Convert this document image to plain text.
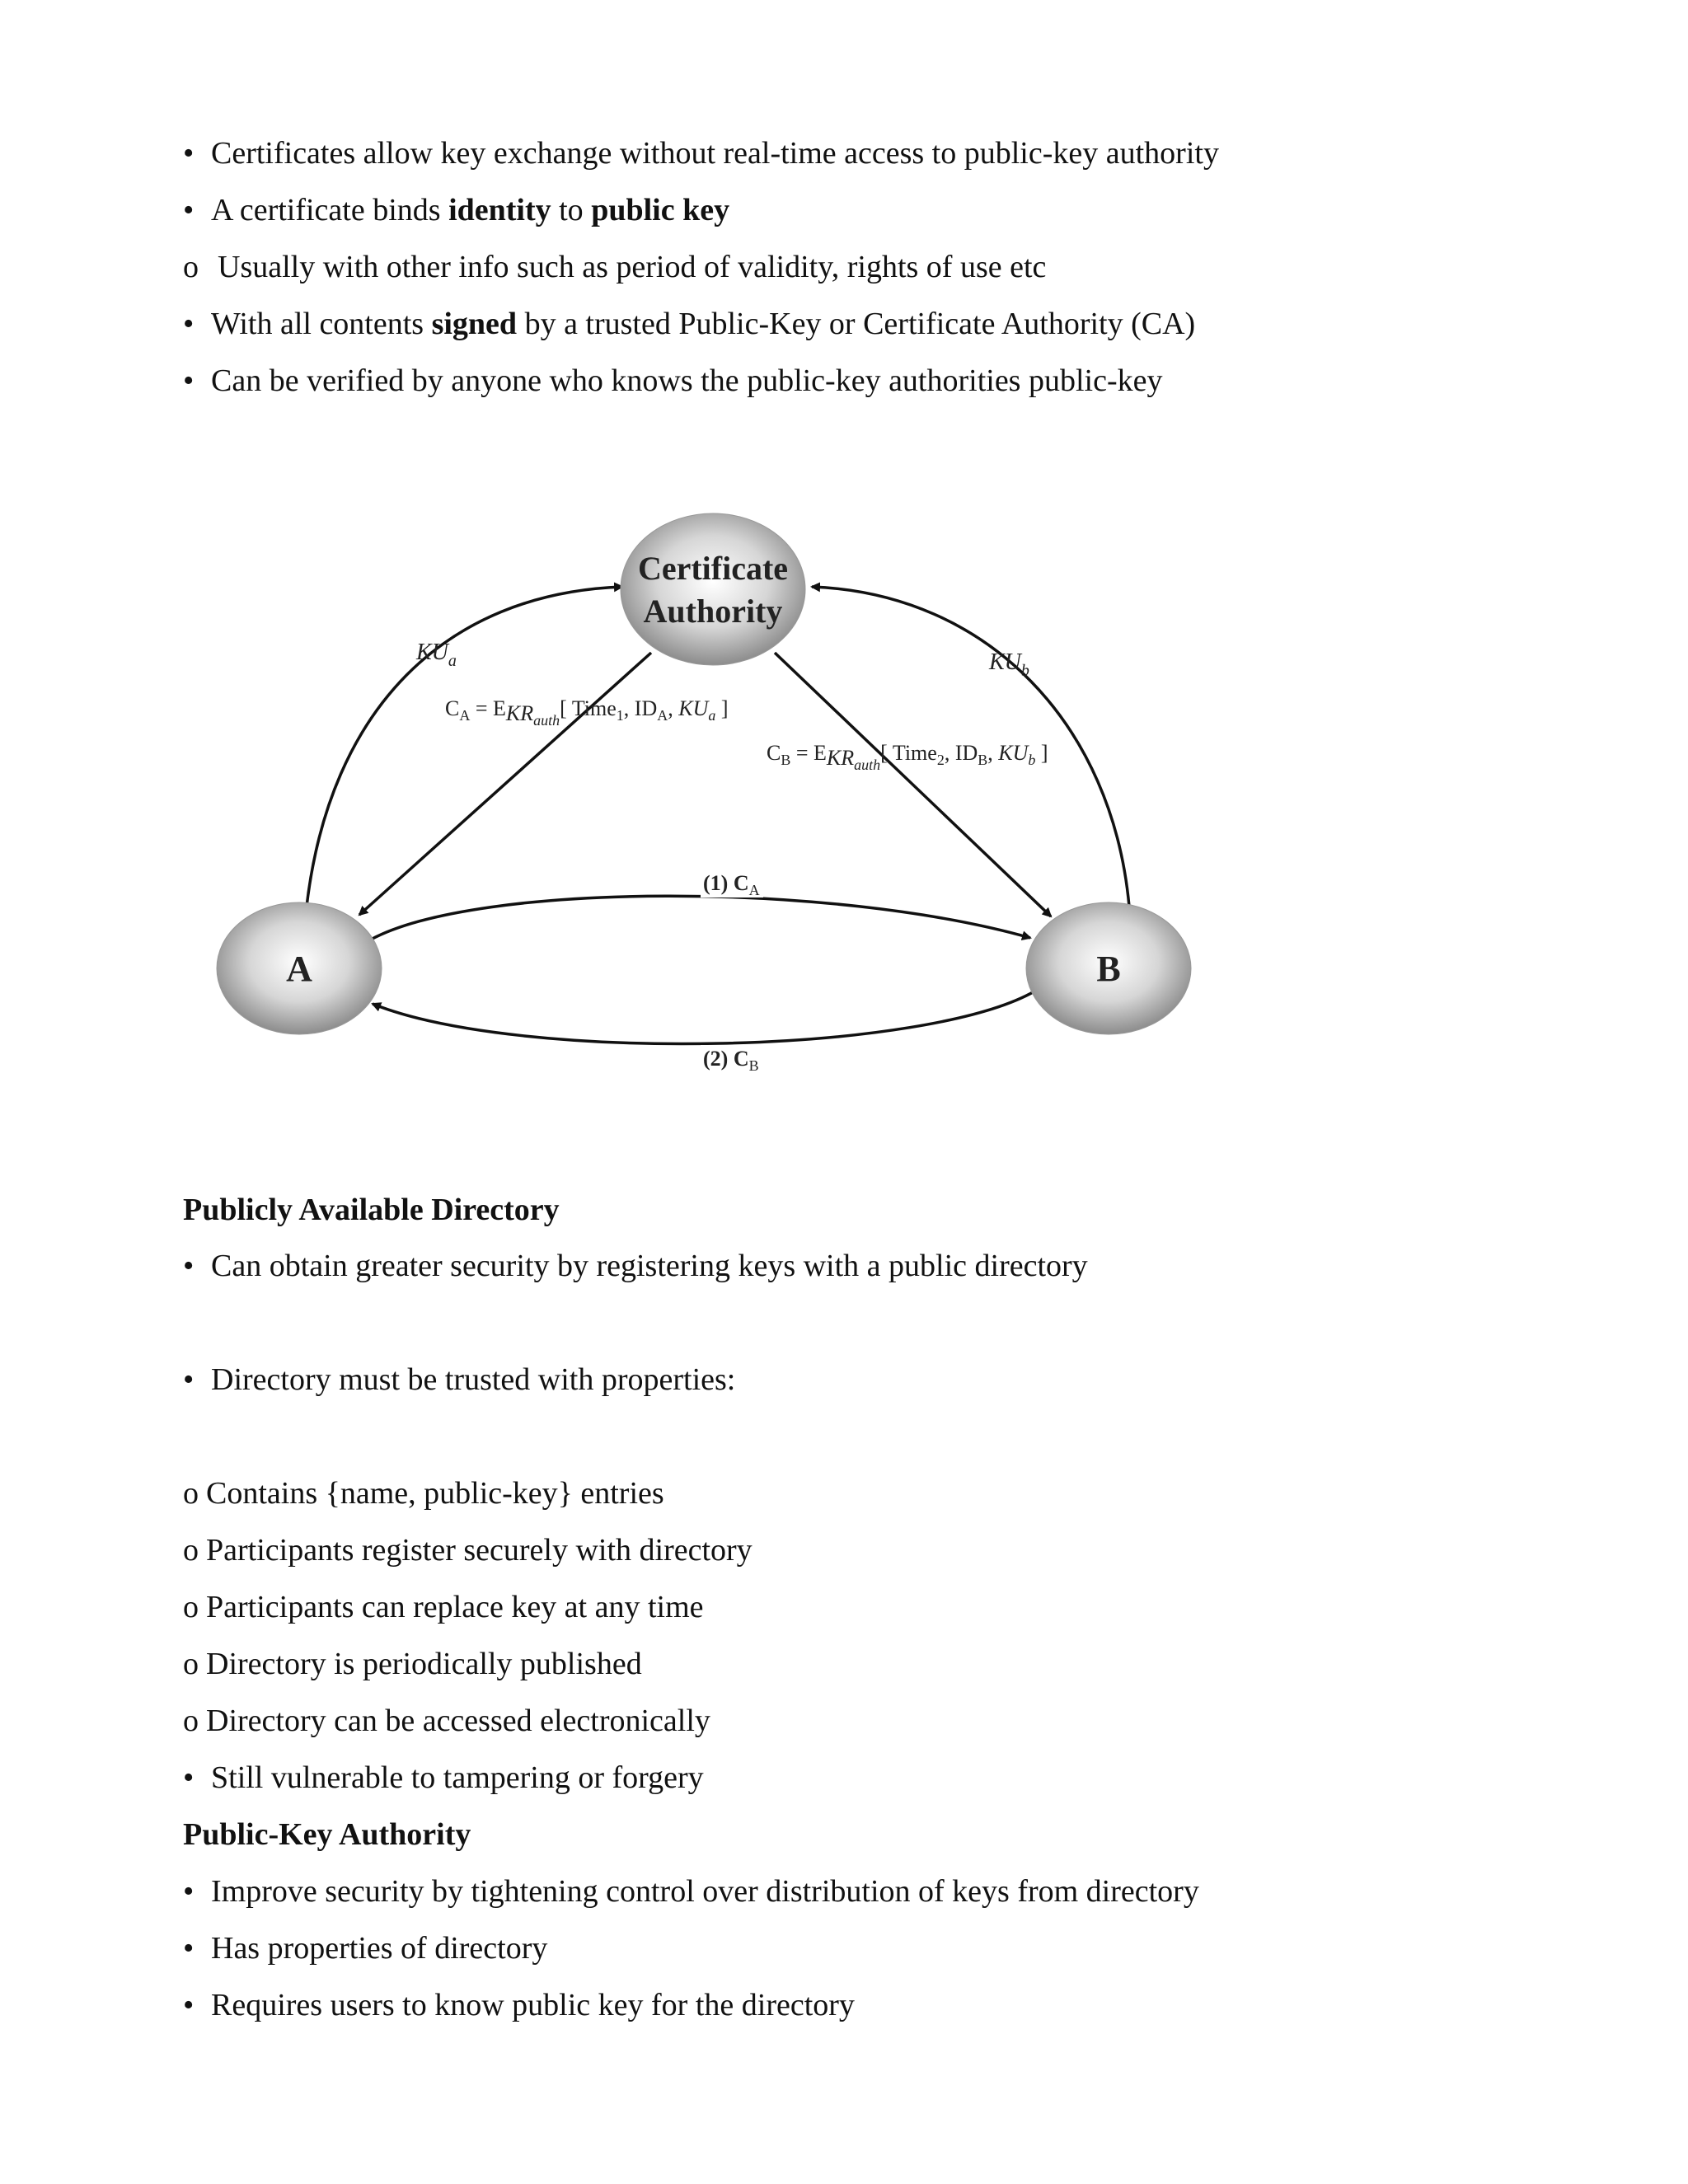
• Certificates allow key exchange without real-time access to public-key authority
• A certificate binds identity to public key
o Usually with other info such as period of validity, rights of use etc
• With all contents signed by a trusted Public-Key or Certificate Authority (CA)
• Can be verified by anyone who knows the public-key authorities public-key
Certificate
Authority
A	B
$KU_a$	$KU_b$
$C_A = EKR_{auth}$[ Time$_1$, $ID_A$, $KU_a$ ]
$C_B = EKR_{auth}$[ Time$_2$, $ID_B$, $KU_b$ ]
(1) $C_A$
(2) $C_B$
Publicly Available Directory
• Can obtain greater security by registering keys with a public directory
• Directory must be trusted with properties:
o Contains {name, public-key} entries
o Participants register securely with directory
o Participants can replace key at any time
o Directory is periodically published
o Directory can be accessed electronically
• Still vulnerable to tampering or forgery
Public-Key Authority
• Improve security by tightening control over distribution of keys from directory
• Has properties of directory
• Requires users to know public key for the directory
